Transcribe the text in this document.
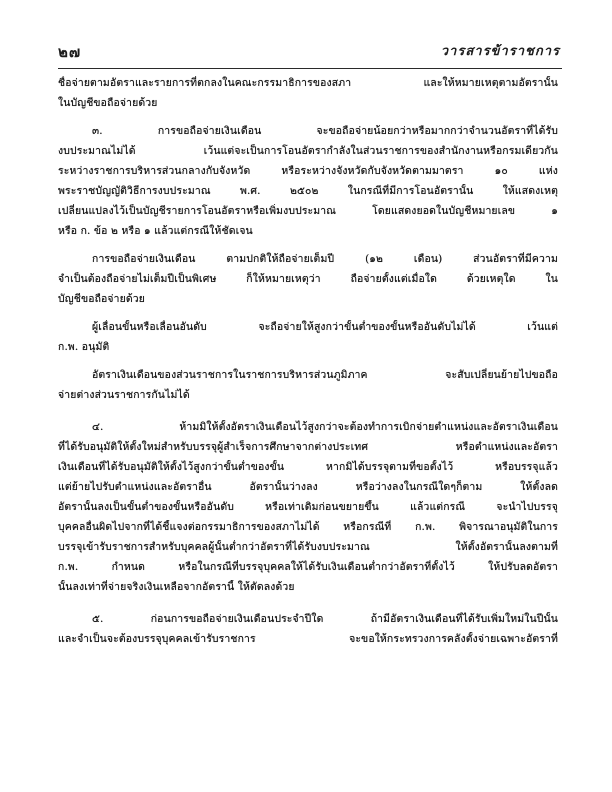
๒๗	วารสารข้าราชการ
ชื่อจ่ายตามอัตราและรายการที่ตกลงในคณะกรรมาธิการของสภา และให้หมายเหตุตามอัตรานั้น
ในบัญชีขอถือจ่ายด้วย
๓. การขอถือจ่ายเงินเดือน จะขอถือจ่ายน้อยกว่าหรือมากกว่าจำนวนอัตราที่ได้รับ
งบประมาณไม่ได้ เว้นแต่จะเป็นการโอนอัตรากำลังในส่วนราชการของสำนักงานหรือกรมเดียวกัน
ระหว่างราชการบริหารส่วนกลางกับจังหวัด หรือระหว่างจังหวัดกับจังหวัดตามมาตรา ๑๐ แห่ง
พระราชบัญญัติวิธีการงบประมาณ พ.ศ. ๒๕๐๒ ในกรณีที่มีการโอนอัตรานั้น ให้แสดงเหตุ
เปลี่ยนแปลงไว้เป็นบัญชีรายการโอนอัตราหรือเพิ่มงบประมาณ โดยแสดงยอดในบัญชีหมายเลข ๑
หรือ ก. ข้อ ๒ หรือ ๑ แล้วแต่กรณีให้ชัดเจน
การขอถือจ่ายเงินเดือน ตามปกติให้ถือจ่ายเต็มปี (๑๒ เดือน) ส่วนอัตราที่มีความ
จำเป็นต้องถือจ่ายไม่เต็มปีเป็นพิเศษ ก็ให้หมายเหตุว่า ถือจ่ายตั้งแต่เมื่อใด ด้วยเหตุใด ใน
บัญชีขอถือจ่ายด้วย
ผู้เลื่อนขั้นหรือเลื่อนอันดับ จะถือจ่ายให้สูงกว่าขั้นต่ำของขั้นหรืออันดับไม่ได้ เว้นแต่
ก.พ. อนุมัติ
อัตราเงินเดือนของส่วนราชการในราชการบริหารส่วนภูมิภาค จะสับเปลี่ยนย้ายไปขอถือ
จ่ายต่างส่วนราชการกันไม่ได้
๔. ห้ามมิให้ตั้งอัตราเงินเดือนไว้สูงกว่าจะต้องทำการเบิกจ่ายตำแหน่งและอัตราเงินเดือน
ที่ได้รับอนุมัติให้ตั้งใหม่สำหรับบรรจุผู้สำเร็จการศึกษาจากต่างประเทศ หรือตำแหน่งและอัตรา
เงินเดือนที่ได้รับอนุมัติให้ตั้งไว้สูงกว่าขั้นต่ำของขั้น หากมิได้บรรจุตามที่ขอตั้งไว้ หรือบรรจุแล้ว
แต่ย้ายไปรับตำแหน่งและอัตราอื่น อัตรานั้นว่างลง หรือว่างลงในกรณีใดๆก็ตาม ให้ตั้งลด
อัตรานั้นลงเป็นขั้นต่ำของขั้นหรืออันดับ หรือเท่าเดิมก่อนขยายขึ้น แล้วแต่กรณี จะนำไปบรรจุ
บุคคลอื่นผิดไปจากที่ได้ชี้แจงต่อกรรมาธิการของสภาไม่ได้ หรือกรณีที่ ก.พ. พิจารณาอนุมัติในการ
บรรจุเข้ารับราชการสำหรับบุคคลผู้นั้นต่ำกว่าอัตราที่ได้รับงบประมาณ ให้ตั้งอัตรานั้นลงตามที่
ก.พ. กำหนด หรือในกรณีที่บรรจุบุคคลให้ได้รับเงินเดือนต่ำกว่าอัตราที่ตั้งไว้ ให้ปรับลดอัตรา
นั้นลงเท่าที่จ่ายจริงเงินเหลือจากอัตรานี้ ให้ตัดลงด้วย
๕. ก่อนการขอถือจ่ายเงินเดือนประจำปีใด ถ้ามีอัตราเงินเดือนที่ได้รับเพิ่มใหม่ในปีนั้น
และจำเป็นจะต้องบรรจุบุคคลเข้ารับราชการ จะขอให้กระทรวงการคลังตั้งจ่ายเฉพาะอัตราที่
